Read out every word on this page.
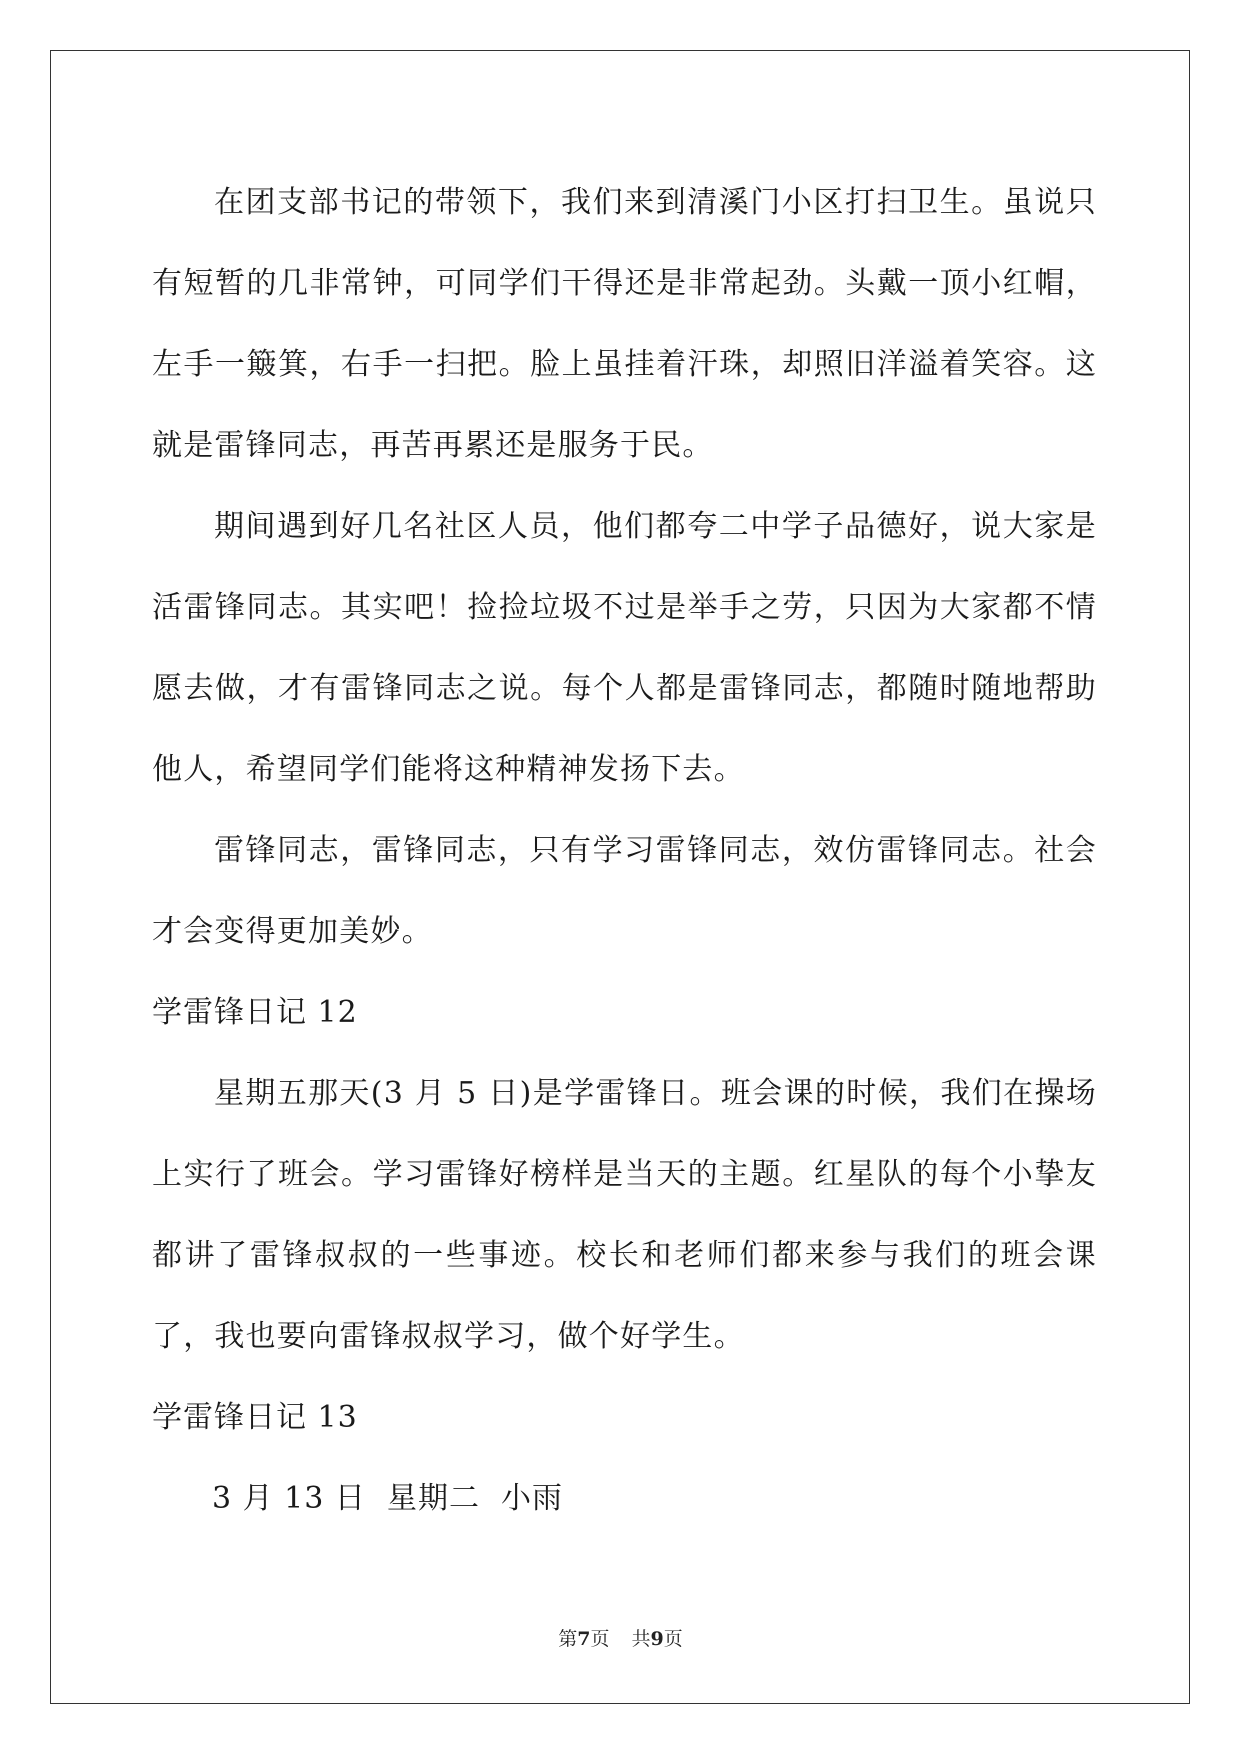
在团支部书记的带领下，我们来到清溪门小区打扫卫生。虽说只有短暂的几非常钟，可同学们干得还是非常起劲。头戴一顶小红帽，左手一簸箕，右手一扫把。脸上虽挂着汗珠，却照旧洋溢着笑容。这就是雷锋同志，再苦再累还是服务于民。

期间遇到好几名社区人员，他们都夸二中学子品德好，说大家是活雷锋同志。其实吧！捡捡垃圾不过是举手之劳，只因为大家都不情愿去做，才有雷锋同志之说。每个人都是雷锋同志，都随时随地帮助他人，希望同学们能将这种精神发扬下去。

雷锋同志，雷锋同志，只有学习雷锋同志，效仿雷锋同志。社会才会变得更加美妙。

学雷锋日记 12

星期五那天(3 月 5 日)是学雷锋日。班会课的时候，我们在操场上实行了班会。学习雷锋好榜样是当天的主题。红星队的每个小挚友都讲了雷锋叔叔的一些事迹。校长和老师们都来参与我们的班会课了，我也要向雷锋叔叔学习，做个好学生。

学雷锋日记 13

3 月 13 日  星期二  小雨

第7页 共9页
